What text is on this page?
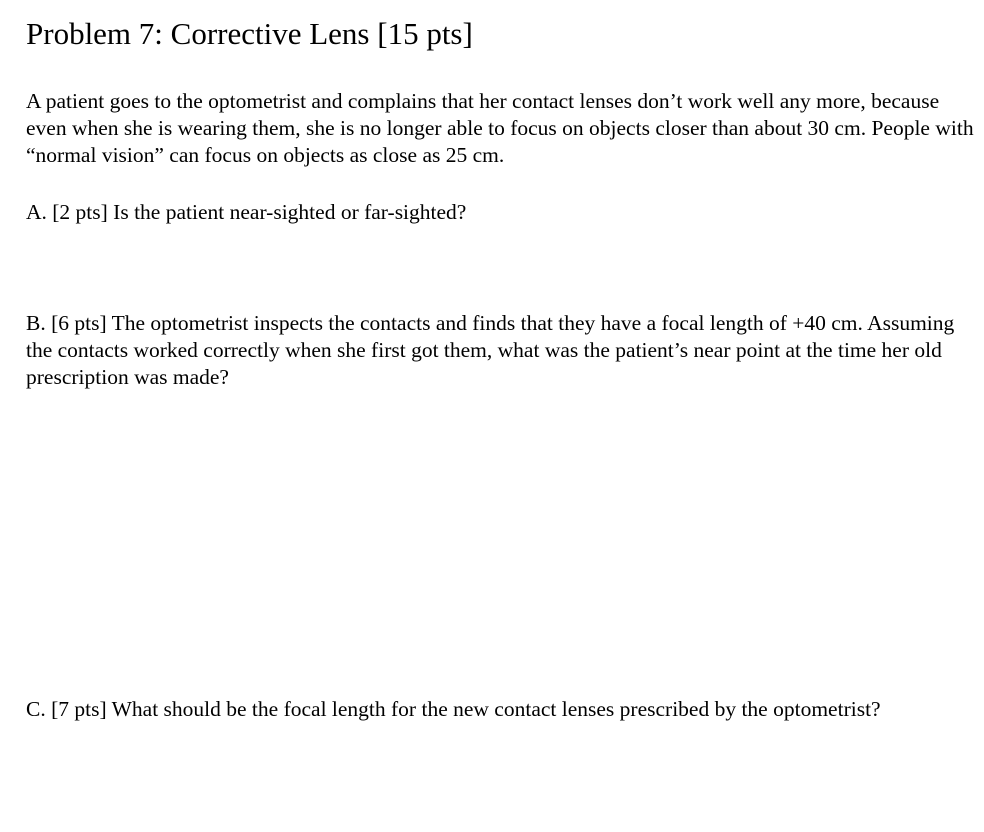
Problem 7: Corrective Lens [15 pts]

A patient goes to the optometrist and complains that her contact lenses don’t work well any more, because even when she is wearing them, she is no longer able to focus on objects closer than about 30 cm. People with “normal vision” can focus on objects as close as 25 cm.

A. [2 pts] Is the patient near-sighted or far-sighted?

B. [6 pts] The optometrist inspects the contacts and finds that they have a focal length of +40 cm. Assuming the contacts worked correctly when she first got them, what was the patient’s near point at the time her old prescription was made?

C. [7 pts] What should be the focal length for the new contact lenses prescribed by the optometrist?
